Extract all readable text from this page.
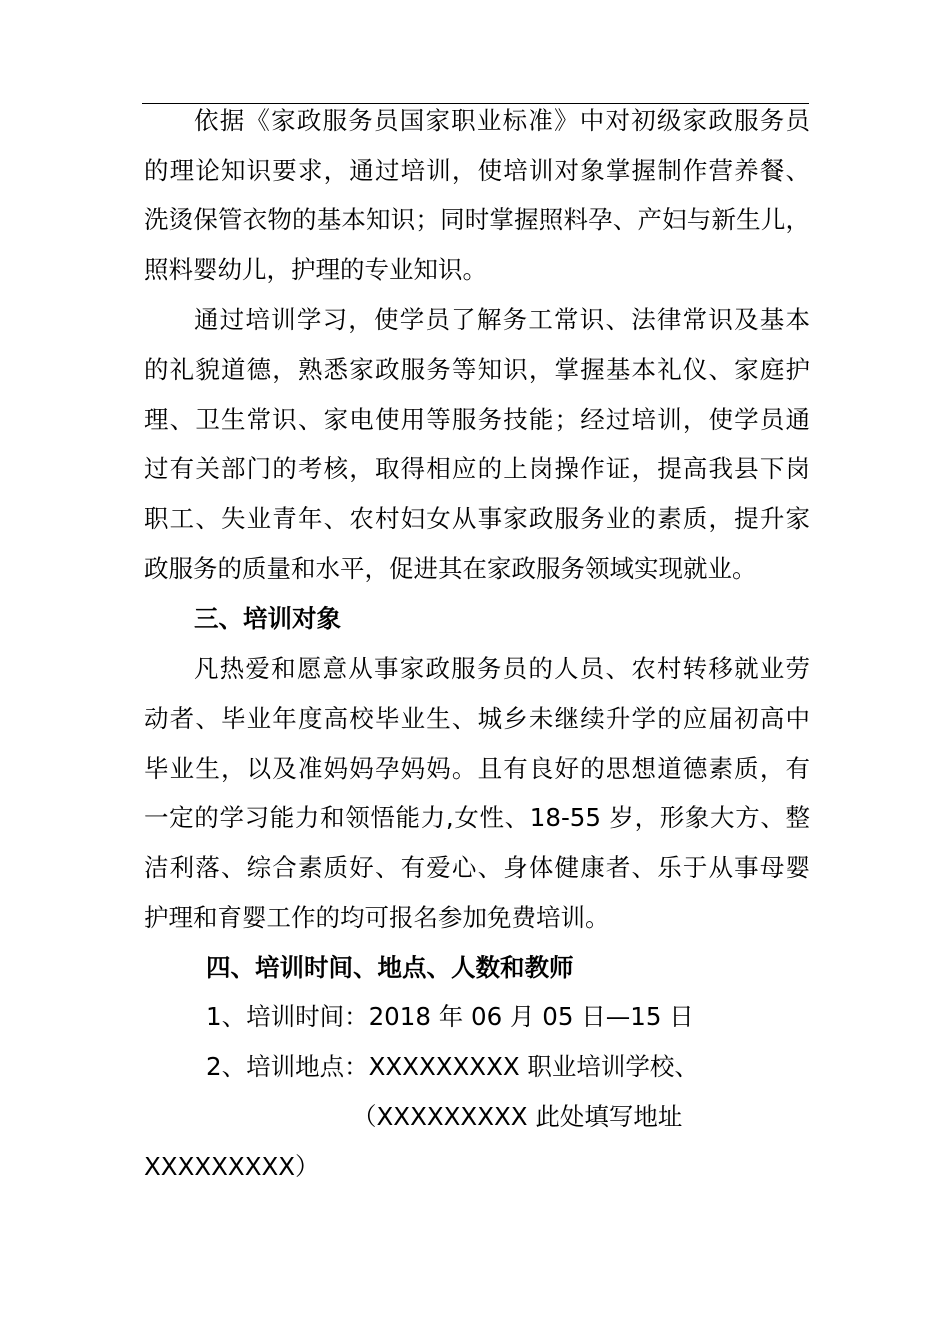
依据《家政服务员国家职业标准》中对初级家政服务员
的理论知识要求，通过培训，使培训对象掌握制作营养餐、
洗烫保管衣物的基本知识；同时掌握照料孕、产妇与新生儿，
照料婴幼儿，护理的专业知识。
通过培训学习，使学员了解务工常识、法律常识及基本
的礼貌道德，熟悉家政服务等知识，掌握基本礼仪、家庭护
理、卫生常识、家电使用等服务技能；经过培训，使学员通
过有关部门的考核，取得相应的上岗操作证，提高我县下岗
职工、失业青年、农村妇女从事家政服务业的素质，提升家
政服务的质量和水平，促进其在家政服务领域实现就业。
三、培训对象
凡热爱和愿意从事家政服务员的人员、农村转移就业劳
动者、毕业年度高校毕业生、城乡未继续升学的应届初高中
毕业生，以及准妈妈孕妈妈。且有良好的思想道德素质，有
一定的学习能力和领悟能力,女性、18-55 岁，形象大方、整
洁利落、综合素质好、有爱心、身体健康者、乐于从事母婴
护理和育婴工作的均可报名参加免费培训。
四、培训时间、地点、人数和教师
1、培训时间：2018 年 06 月 05 日—15 日
2、培训地点：XXXXXXXXX 职业培训学校、
（XXXXXXXXX 此处填写地址
XXXXXXXXX）
